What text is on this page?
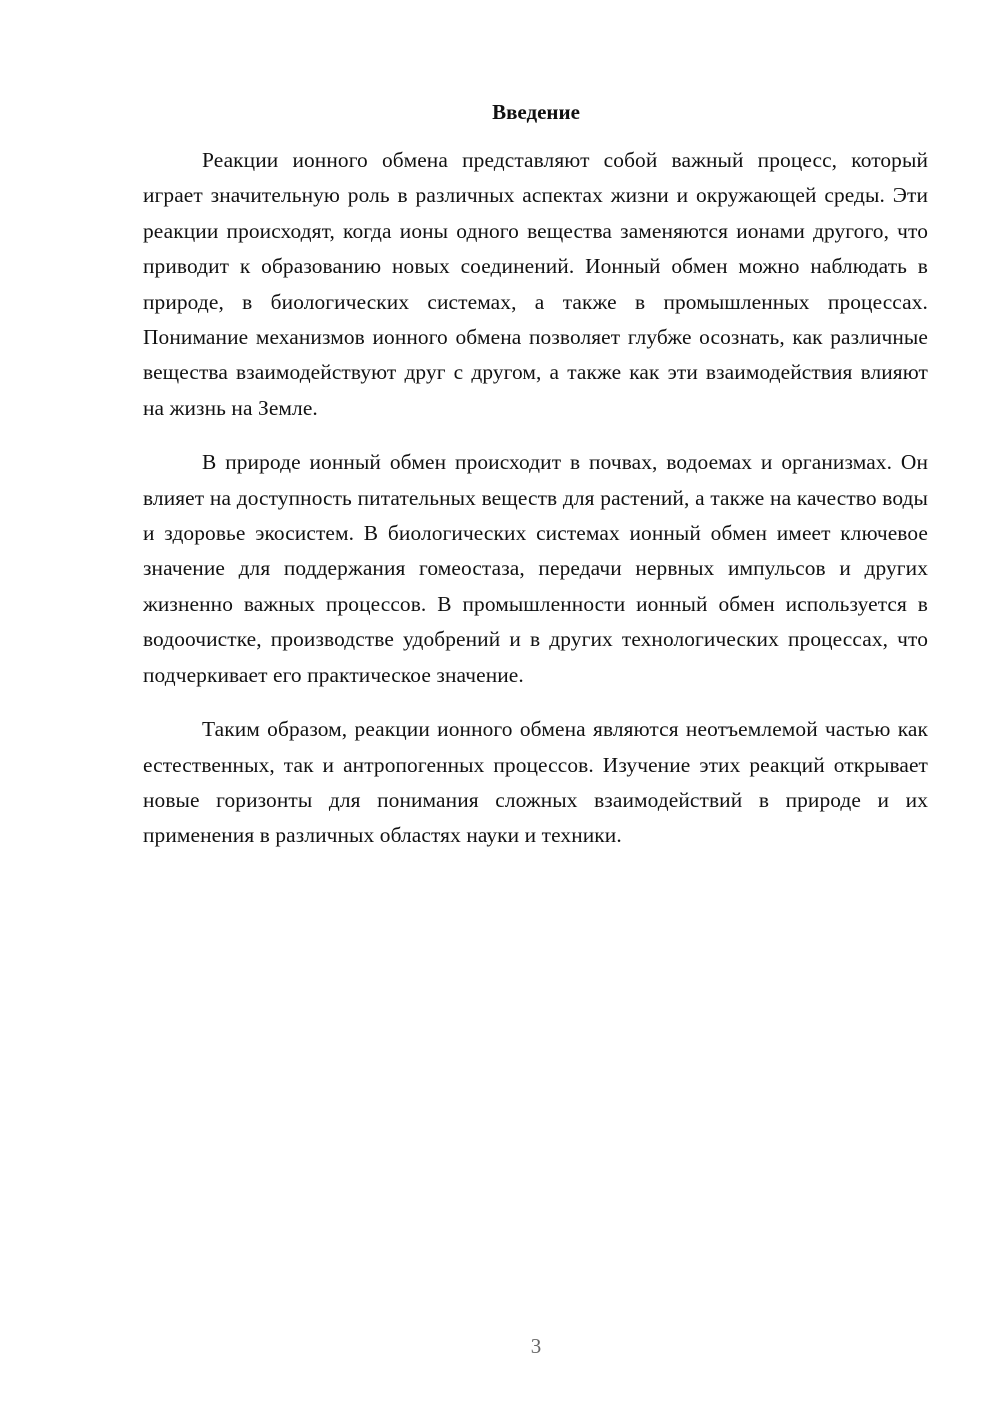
Введение

Реакции ионного обмена представляют собой важный процесс, который играет значительную роль в различных аспектах жизни и окружающей среды. Эти реакции происходят, когда ионы одного вещества заменяются ионами другого, что приводит к образованию новых соединений. Ионный обмен можно наблюдать в природе, в биологических системах, а также в промышленных процессах. Понимание механизмов ионного обмена позволяет глубже осознать, как различные вещества взаимодействуют друг с другом, а также как эти взаимодействия влияют на жизнь на Земле.

В природе ионный обмен происходит в почвах, водоемах и организмах. Он влияет на доступность питательных веществ для растений, а также на качество воды и здоровье экосистем. В биологических системах ионный обмен имеет ключевое значение для поддержания гомеостаза, передачи нервных импульсов и других жизненно важных процессов. В промышленности ионный обмен используется в водоочистке, производстве удобрений и в других технологических процессах, что подчеркивает его практическое значение.

Таким образом, реакции ионного обмена являются неотъемлемой частью как естественных, так и антропогенных процессов. Изучение этих реакций открывает новые горизонты для понимания сложных взаимодействий в природе и их применения в различных областях науки и техники.

3
